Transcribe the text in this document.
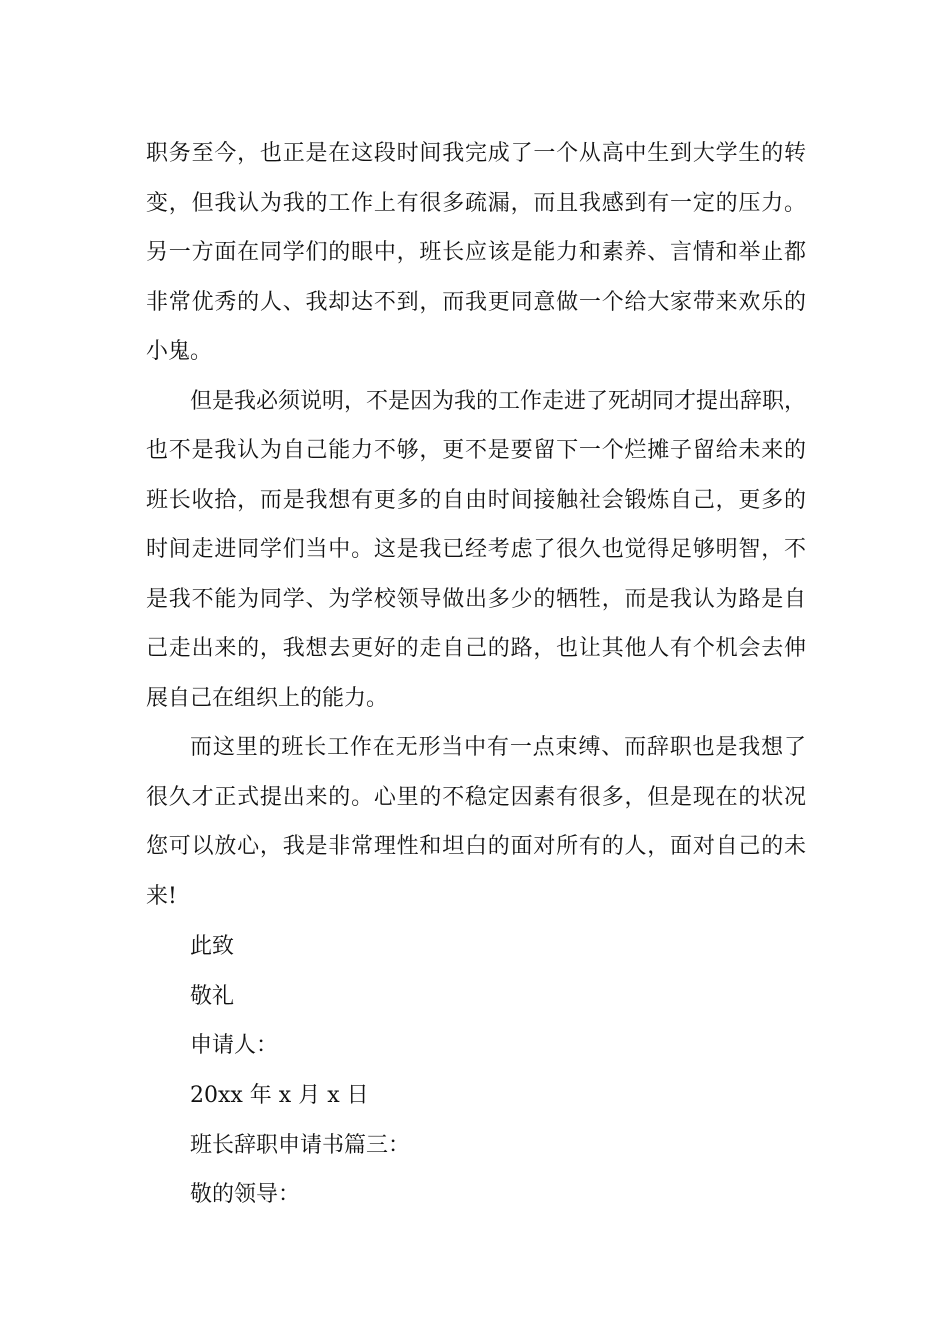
职务至今，也正是在这段时间我完成了一个从高中生到大学生的转
变，但我认为我的工作上有很多疏漏，而且我感到有一定的压力。
另一方面在同学们的眼中，班长应该是能力和素养、言情和举止都
非常优秀的人、我却达不到，而我更同意做一个给大家带来欢乐的
小鬼。
但是我必须说明，不是因为我的工作走进了死胡同才提出辞职，
也不是我认为自己能力不够，更不是要留下一个烂摊子留给未来的
班长收拾，而是我想有更多的自由时间接触社会锻炼自己，更多的
时间走进同学们当中。这是我已经考虑了很久也觉得足够明智，不
是我不能为同学、为学校领导做出多少的牺牲，而是我认为路是自
己走出来的，我想去更好的走自己的路，也让其他人有个机会去伸
展自己在组织上的能力。
而这里的班长工作在无形当中有一点束缚、而辞职也是我想了
很久才正式提出来的。心里的不稳定因素有很多，但是现在的状况
您可以放心，我是非常理性和坦白的面对所有的人，面对自己的未
来!
此致
敬礼
申请人：
20xx 年 x 月 x 日
班长辞职申请书篇三：
敬的领导：
